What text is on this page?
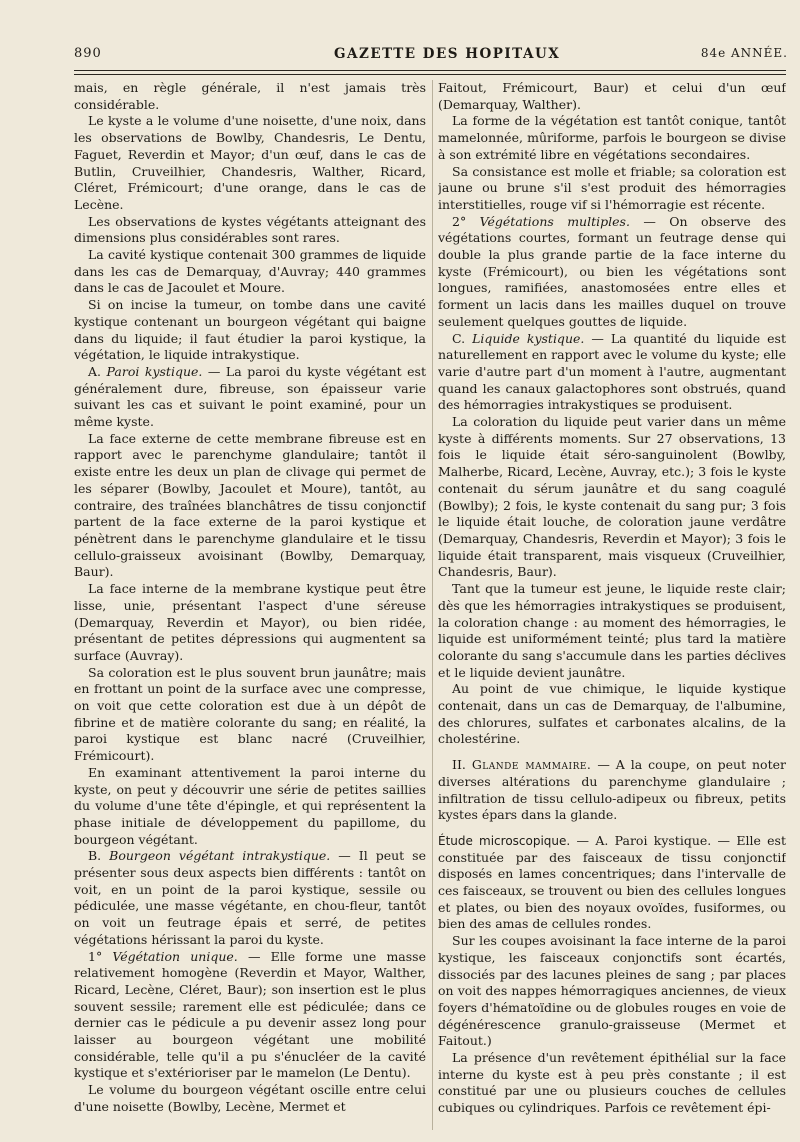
890	GAZETTE DES HOPITAUX	84e ANNÉE.

mais, en règle générale, il n'est jamais très considérable.

Le kyste a le volume d'une noisette, d'une noix, dans les observations de Bowlby, Chandesris, Le Dentu, Faguet, Reverdin et Mayor; d'un œuf, dans le cas de Butlin, Cruveilhier, Chandesris, Walther, Ricard, Cléret, Frémicourt; d'une orange, dans le cas de Lecène.

Les observations de kystes végétants atteignant des dimensions plus considérables sont rares.

La cavité kystique contenait 300 grammes de liquide dans les cas de Demarquay, d'Auvray; 440 grammes dans le cas de Jacoulet et Moure.

Si on incise la tumeur, on tombe dans une cavité kystique contenant un bourgeon végétant qui baigne dans du liquide; il faut étudier la paroi kystique, la végétation, le liquide intrakystique.

A. Paroi kystique. — La paroi du kyste végétant est généralement dure, fibreuse, son épaisseur varie suivant les cas et suivant le point examiné, pour un même kyste.

La face externe de cette membrane fibreuse est en rapport avec le parenchyme glandulaire; tantôt il existe entre les deux un plan de clivage qui permet de les séparer (Bowlby, Jacoulet et Moure), tantôt, au contraire, des traînées blanchâtres de tissu conjonctif partent de la face externe de la paroi kystique et pénètrent dans le parenchyme glandulaire et le tissu cellulo-graisseux avoisinant (Bowlby, Demarquay, Baur).

La face interne de la membrane kystique peut être lisse, unie, présentant l'aspect d'une séreuse (Demarquay, Reverdin et Mayor), ou bien ridée, présentant de petites dépressions qui augmentent sa surface (Auvray).

Sa coloration est le plus souvent brun jaunâtre; mais en frottant un point de la surface avec une compresse, on voit que cette coloration est due à un dépôt de fibrine et de matière colorante du sang; en réalité, la paroi kystique est blanc nacré (Cruveilhier, Frémicourt).

En examinant attentivement la paroi interne du kyste, on peut y découvrir une série de petites saillies du volume d'une tête d'épingle, et qui représentent la phase initiale de développement du papillome, du bourgeon végétant.

B. Bourgeon végétant intrakystique. — Il peut se présenter sous deux aspects bien différents : tantôt on voit, en un point de la paroi kystique, sessile ou pédiculée, une masse végétante, en chou-fleur, tantôt on voit un feutrage épais et serré, de petites végétations hérissant la paroi du kyste.

1° Végétation unique. — Elle forme une masse relativement homogène (Reverdin et Mayor, Walther, Ricard, Lecène, Cléret, Baur); son insertion est le plus souvent sessile; rarement elle est pédiculée; dans ce dernier cas le pédicule a pu devenir assez long pour laisser au bourgeon végétant une mobilité considérable, telle qu'il a pu s'énucléer de la cavité kystique et s'extérioriser par le mamelon (Le Dentu).

Le volume du bourgeon végétant oscille entre celui d'une noisette (Bowlby, Lecène, Mermet et

Faitout, Frémicourt, Baur) et celui d'un œuf (Demarquay, Walther).

La forme de la végétation est tantôt conique, tantôt mamelonnée, mûriforme, parfois le bourgeon se divise à son extrémité libre en végétations secondaires.

Sa consistance est molle et friable; sa coloration est jaune ou brune s'il s'est produit des hémorragies interstitielles, rouge vif si l'hémorragie est récente.

2° Végétations multiples. — On observe des végétations courtes, formant un feutrage dense qui double la plus grande partie de la face interne du kyste (Frémicourt), ou bien les végétations sont longues, ramifiées, anastomosées entre elles et forment un lacis dans les mailles duquel on trouve seulement quelques gouttes de liquide.

C. Liquide kystique. — La quantité du liquide est naturellement en rapport avec le volume du kyste; elle varie d'autre part d'un moment à l'autre, augmentant quand les canaux galactophores sont obstrués, quand des hémorragies intrakystiques se produisent.

La coloration du liquide peut varier dans un même kyste à différents moments. Sur 27 observations, 13 fois le liquide était séro-sanguinolent (Bowlby, Malherbe, Ricard, Lecène, Auvray, etc.); 3 fois le kyste contenait du sérum jaunâtre et du sang coagulé (Bowlby); 2 fois, le kyste contenait du sang pur; 3 fois le liquide était louche, de coloration jaune verdâtre (Demarquay, Chandesris, Reverdin et Mayor); 3 fois le liquide était transparent, mais visqueux (Cruveilhier, Chandesris, Baur).

Tant que la tumeur est jeune, le liquide reste clair; dès que les hémorragies intrakystiques se produisent, la coloration change : au moment des hémorragies, le liquide est uniformément teinté; plus tard la matière colorante du sang s'accumule dans les parties déclives et le liquide devient jaunâtre.

Au point de vue chimique, le liquide kystique contenait, dans un cas de Demarquay, de l'albumine, des chlorures, sulfates et carbonates alcalins, de la cholestérine.

II. Glande mammaire. — A la coupe, on peut noter diverses altérations du parenchyme glandulaire ; infiltration de tissu cellulo-adipeux ou fibreux, petits kystes épars dans la glande.

Étude microscopique. — A. Paroi kystique. — Elle est constituée par des faisceaux de tissu conjonctif disposés en lames concentriques; dans l'intervalle de ces faisceaux, se trouvent ou bien des cellules longues et plates, ou bien des noyaux ovoïdes, fusiformes, ou bien des amas de cellules rondes.

Sur les coupes avoisinant la face interne de la paroi kystique, les faisceaux conjonctifs sont écartés, dissociés par des lacunes pleines de sang ; par places on voit des nappes hémorragiques anciennes, de vieux foyers d'hématoïdine ou de globules rouges en voie de dégénérescence granulo-graisseuse (Mermet et Faitout.)

La présence d'un revêtement épithélial sur la face interne du kyste est à peu près constante ; il est constitué par une ou plusieurs couches de cellules cubiques ou cylindriques. Parfois ce revêtement épi-
